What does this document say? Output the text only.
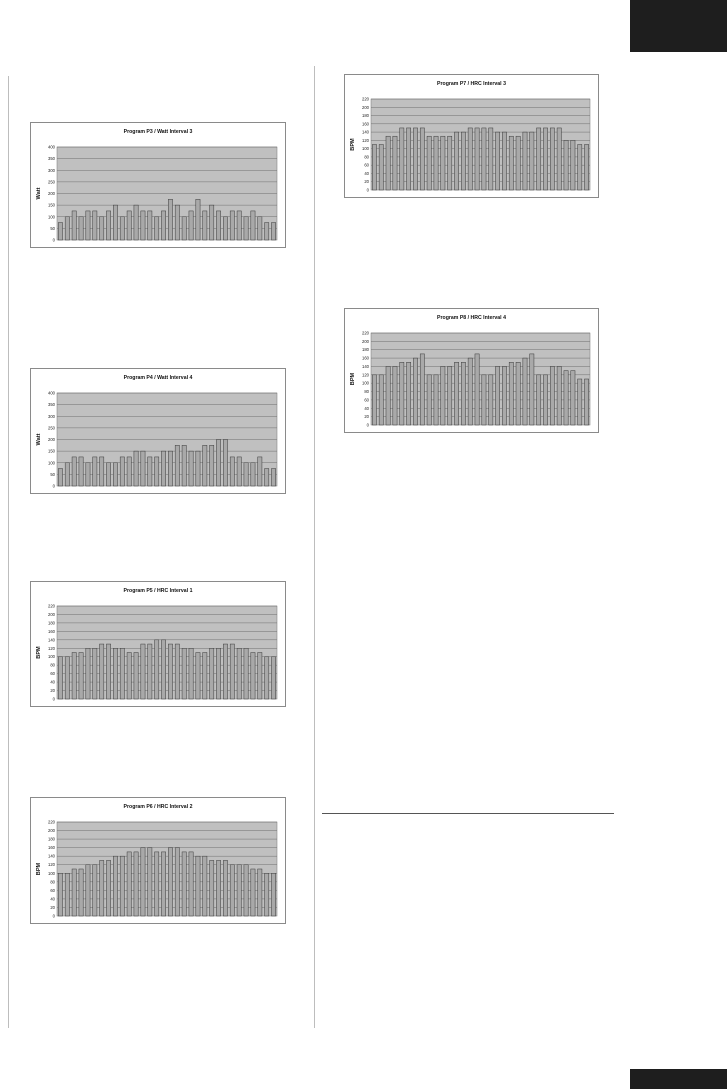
Program P3 / Watt Interval 3
0
50
100
150
200
250
300
350
400
Watt
Program P4 / Watt Interval 4
0
50
100
150
200
250
300
350
400
Watt
Program P5 / HRC Interval 1
0
20
40
60
80
100
120
140
160
180
200
220
BPM
Program P6 / HRC Interval 2
0
20
40
60
80
100
120
140
160
180
200
220
BPM
Program P7 / HRC Interval 3
0
20
40
60
80
100
120
140
160
180
200
220
BPM
Program P8 / HRC Interval 4
0
20
40
60
80
100
120
140
160
180
200
220
BPM
